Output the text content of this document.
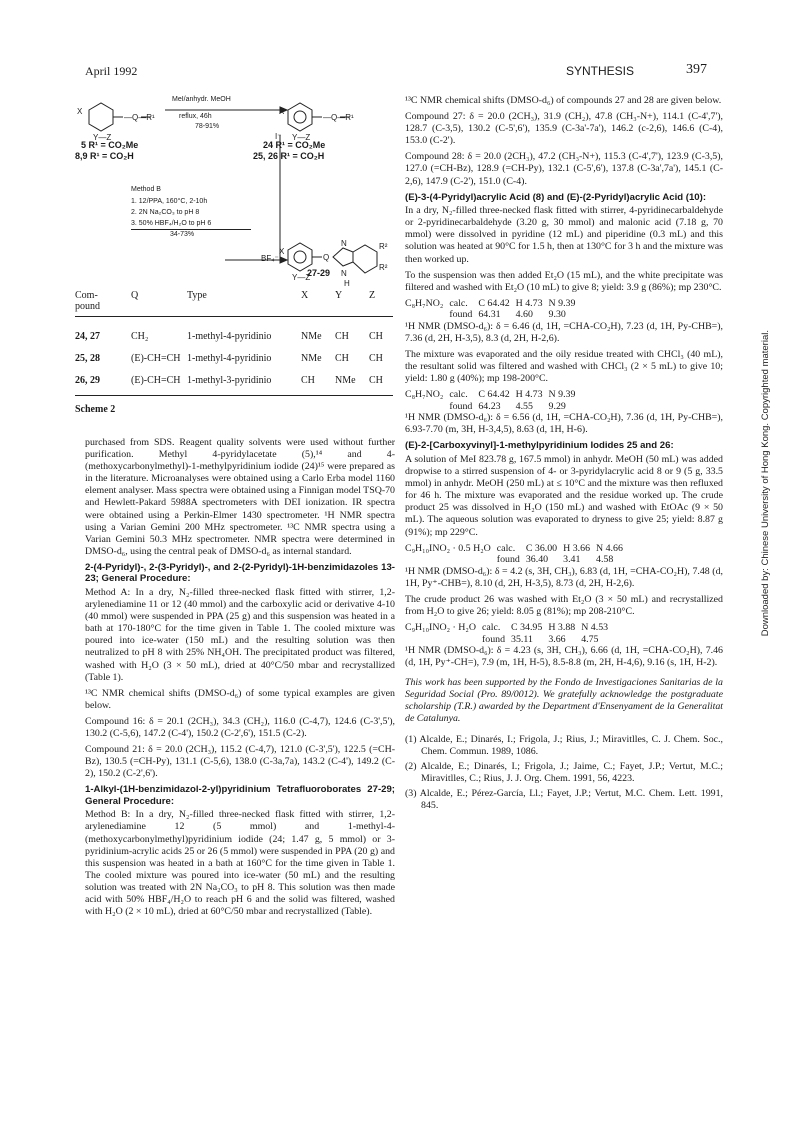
April 1992	SYNTHESIS	397
Downloaded by: Chinese University of Hong Kong. Copyrighted material.
X
Y—Z
—Q—R¹
X
Y—Z
—Q—R¹
I⁻
X
Y—Z
Q
N
N
H
R²
R²
MeI/anhydr. MeOH
reflux, 46h
78-91%
5 R¹ = CO₂Me
8,9 R¹ = CO₂H
24 R¹ = CO₂Me
25, 26 R¹ = CO₂H
Method B
1. 12/PPA, 160°C, 2-10h
2. 2N Na₂CO₃ to pH 8
3. 50% HBF₄/H₂O to pH 6
34-73%
BF₄⁻
27-29
Com-
pound
Q	Type	X	Y	Z
24, 27	CH₂	1-methyl-4-pyridinio	NMe	CH	CH
25, 28	(E)-CH=CH	1-methyl-4-pyridinio	NMe	CH	CH
26, 29	(E)-CH=CH	1-methyl-3-pyridinio	CH	NMe	CH
Scheme 2

purchased from SDS. Reagent quality solvents were used without further purification. Methyl 4-pyridylacetate (5),¹⁴ and 4-(methoxycarbonylmethyl)-1-methylpyridinium iodide (24)¹⁵ were prepared as in the literature. Microanalyses were obtained using a Carlo Erba model 1160 element analyser. Mass spectra were obtained using a Finnigan model TSQ-70 and Hewlett-Pakard 5988A spectrometers with DEI ionization. IR spectra were obtained using a Perkin-Elmer 1430 spectrometer. ¹H NMR spectra using a Varian Gemini 200 MHz spectrometer. ¹³C NMR spectra using a Varian Gemini 50.3 MHz spectrometer. NMR spectra were determined in DMSO-d₆, using the central peak of DMSO-d₆ as internal standard.

2-(4-Pyridyl)-, 2-(3-Pyridyl)-, and 2-(2-Pyridyl)-1H-benzimidazoles 13-23; General Procedure:

Method A: In a dry, N₂-filled three-necked flask fitted with stirrer, 1,2-arylenediamine 11 or 12 (40 mmol) and the carboxylic acid or derivative 4-10 (40 mmol) were suspended in PPA (25 g) and this suspension was heated in a bath at 170-180°C for the time given in Table 1. The cooled mixture was poured into ice-water (150 mL) and the resulting solution was then neutralized to pH 8 with 25% NH₄OH. The precipitated product was filtered, washed with H₂O (3 × 50 mL), dried at 40°C/50 mbar and recrystallized (Table 1).

¹³C NMR chemical shifts (DMSO-d₆) of some typical examples are given below.

Compound 16: δ = 20.1 (2CH₃), 34.3 (CH₂), 116.0 (C-4,7), 124.6 (C-3',5'), 130.2 (C-5,6), 147.2 (C-4'), 150.2 (C-2',6'), 151.5 (C-2).

Compound 21: δ = 20.0 (2CH₃), 115.2 (C-4,7), 121.0 (C-3',5'), 122.5 (=CH-Bz), 130.5 (=CH-Py), 131.1 (C-5,6), 138.0 (C-3a,7a), 143.2 (C-4'), 149.2 (C-2), 150.2 (C-2',6').

1-Alkyl-(1H-benzimidazol-2-yl)pyridinium Tetrafluoroborates 27-29; General Procedure:

Method B: In a dry, N₂-filled three-necked flask fitted with stirrer, 1,2-arylenediamine 12 (5 mmol) and 1-methyl-4-(methoxycarbonylmethyl)pyridinium iodide (24; 1.47 g, 5 mmol) or 3-pyridinium-acrylic acids 25 or 26 (5 mmol) were suspended in PPA (20 g) and this suspension was heated in a bath at 160°C for the time given in Table 1. The cooled mixture was poured into ice-water (50 mL) and the resulting solution was treated with 2N Na₂CO₃ to pH 8. This solution was then made acid with 50% HBF₄/H₂O to reach pH 6 and the solid was filtered, washed with H₂O (2 × 10 mL), dried at 60°C/50 mbar and recrystallized (Table).

¹³C NMR chemical shifts (DMSO-d₆) of compounds 27 and 28 are given below.

Compound 27: δ = 20.0 (2CH₃), 31.9 (CH₂), 47.8 (CH₃-N+), 114.1 (C-4',7'), 128.7 (C-3,5), 130.2 (C-5',6'), 135.9 (C-3a'-7a'), 146.2 (c-2,6), 146.6 (C-4), 153.0 (C-2').

Compound 28: δ = 20.0 (2CH₃), 47.2 (CH₃-N+), 115.3 (C-4',7'), 123.9 (C-3,5), 127.0 (=CH-Bz), 128.9 (=CH-Py), 132.1 (C-5',6'), 137.8 (C-3a',7a'), 145.1 (C-2,6), 147.9 (C-2'), 151.0 (C-4).

(E)-3-(4-Pyridyl)acrylic Acid (8) and (E)-(2-Pyridyl)acrylic Acid (10):

In a dry, N₂-filled three-necked flask fitted with stirrer, 4-pyridinecarbaldehyde or 2-pyridinecarbaldehyde (3.20 g, 30 mmol) and malonic acid (7.18 g, 70 mmol) were dissolved in pyridine (12 mL) and piperidine (0.3 mL) and this solution was heated at 90°C for 1.5 h, then at 130°C for 3 h and the mixture was then worked up.

To the suspension was then added Et₂O (15 mL), and the white precipitate was filtered and washed with Et₂O (10 mL) to give 8; yield: 3.9 g (86%); mp 230°C.

C₈H₇NO₂	calc.	C 64.42	H 4.73	N 9.39
	found	64.31	4.60	9.30

¹H NMR (DMSO-d₆): δ = 6.46 (d, 1H, =CHA-CO₂H), 7.23 (d, 1H, Py-CHB=), 7.36 (d, 2H, H-3,5), 8.3 (d, 2H, H-2,6).

The mixture was evaporated and the oily residue treated with CHCl₃ (40 mL), the resultant solid was filtered and washed with CHCl₃ (2 × 5 mL) to give 10; yield: 1.80 g (40%); mp 198-200°C.

C₈H₇NO₂	calc.	C 64.42	H 4.73	N 9.39
	found	64.23	4.55	9.29

¹H NMR (DMSO-d₆): δ = 6.56 (d, 1H, =CHA-CO₂H), 7.36 (d, 1H, Py-CHB=), 6.93-7.70 (m, 3H, H-3,4,5), 8.63 (d, 1H, H-6).

(E)-2-[Carboxyvinyl]-1-methylpyridinium Iodides 25 and 26:

A solution of MeI 823.78 g, 167.5 mmol) in anhydr. MeOH (50 mL) was added dropwise to a stirred suspension of 4- or 3-pyridylacrylic acid 8 or 9 (5 g, 33.5 mmol) in anhydr. MeOH (250 mL) at ≤ 10°C and the mixture was then refluxed for 46 h. The mixture was evaporated and the residue worked up. The crude product 25 was dissolved in H₂O (150 mL) and washed with EtOAc (9 × 50 mL). The aqueous solution was evaporated to dryness to give 25; yield: 8.87 g (91%); mp 229°C.

C₉H₁₀INO₂ · 0.5 H₂O	calc.	C 36.00	H 3.66	N 4.66
	found	36.40	3.41	4.58

¹H NMR (DMSO-d₆): δ = 4.2 (s, 3H, CH₃), 6.83 (d, 1H, =CHA-CO₂H), 7.48 (d, 1H, Py⁺-CHB=), 8.10 (d, 2H, H-3,5), 8.73 (d, 2H, H-2,6).

The crude product 26 was washed with Et₂O (3 × 50 mL) and recrystallized from H₂O to give 26; yield: 8.05 g (81%); mp 208-210°C.

C₉H₁₀INO₂ · H₂O	calc.	C 34.95	H 3.88	N 4.53
	found	35.11	3.66	4.75

¹H NMR (DMSO-d₆): δ = 4.23 (s, 3H, CH₃), 6.66 (d, 1H, =CHA-CO₂H), 7.46 (d, 1H, Py⁺-CH=), 7.9 (m, 1H, H-5), 8.5-8.8 (m, 2H, H-4,6), 9.16 (s, 1H, H-2).

This work has been supported by the Fondo de Investigaciones Sanitarias de la Seguridad Social (Pro. 89/0012). We gratefully acknowledge the postgraduate scholarship (T.R.) awarded by the Department d'Ensenyament de la Generalitat de Catalunya.

(1) Alcalde, E.; Dinarés, I.; Frigola, J.; Rius, J.; Miravitlles, C. J. Chem. Soc., Chem. Commun. 1989, 1086.
(2) Alcalde, E.; Dinarés, I.; Frigola, J.; Jaime, C.; Fayet, J.P.; Vertut, M.C.; Miravitlles, C.; Rius, J. J. Org. Chem. 1991, 56, 4223.
(3) Alcalde, E.; Pérez-García, Ll.; Fayet, J.P.; Vertut, M.C. Chem. Lett. 1991, 845.
